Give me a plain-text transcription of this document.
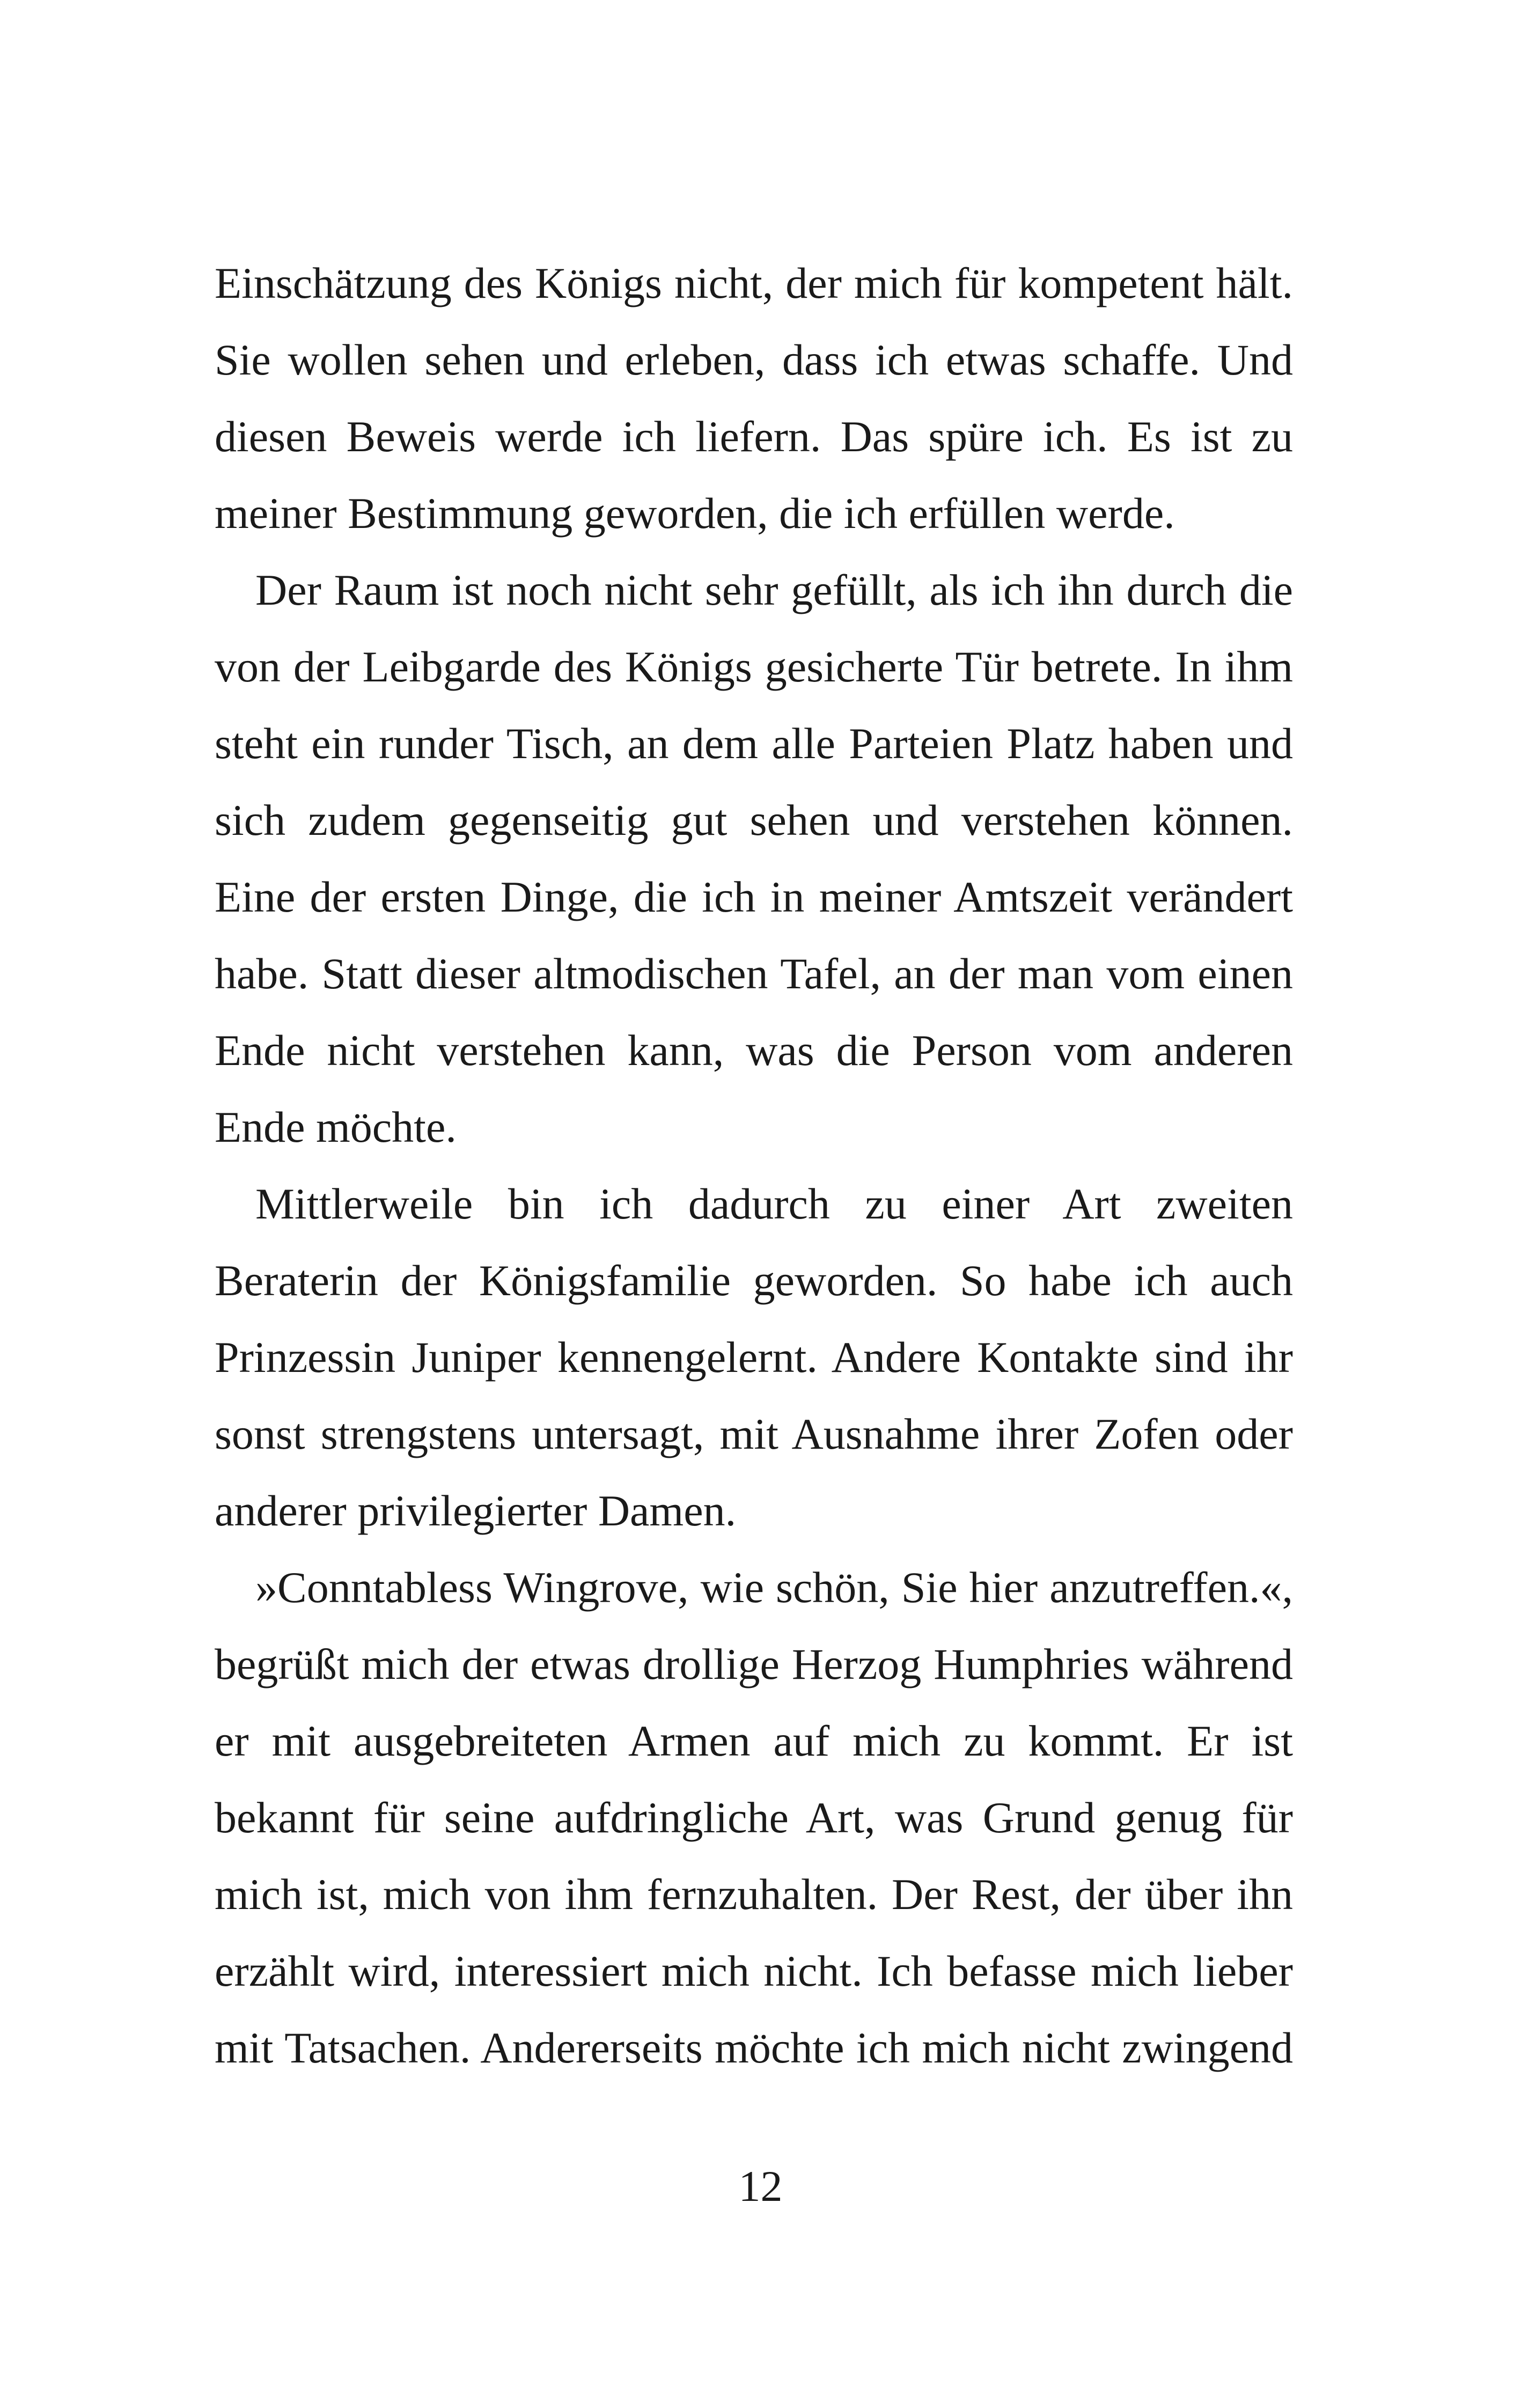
Einschätzung des Königs nicht, der mich für kompetent hält.
Sie wollen sehen und erleben, dass ich etwas schaffe. Und
diesen Beweis werde ich liefern. Das spüre ich. Es ist zu
meiner Bestimmung geworden, die ich erfüllen werde.
Der Raum ist noch nicht sehr gefüllt, als ich ihn durch die
von der Leibgarde des Königs gesicherte Tür betrete. In ihm
steht ein runder Tisch, an dem alle Parteien Platz haben und
sich zudem gegenseitig gut sehen und verstehen können.
Eine der ersten Dinge, die ich in meiner Amtszeit verändert
habe. Statt dieser altmodischen Tafel, an der man vom einen
Ende nicht verstehen kann, was die Person vom anderen
Ende möchte.
Mittlerweile bin ich dadurch zu einer Art zweiten
Beraterin der Königsfamilie geworden. So habe ich auch
Prinzessin Juniper kennengelernt. Andere Kontakte sind ihr
sonst strengstens untersagt, mit Ausnahme ihrer Zofen oder
anderer privilegierter Damen.
»Conntabless Wingrove, wie schön, Sie hier anzutreffen.«,
begrüßt mich der etwas drollige Herzog Humphries während
er mit ausgebreiteten Armen auf mich zu kommt. Er ist
bekannt für seine aufdringliche Art, was Grund genug für
mich ist, mich von ihm fernzuhalten. Der Rest, der über ihn
erzählt wird, interessiert mich nicht. Ich befasse mich lieber
mit Tatsachen. Andererseits möchte ich mich nicht zwingend
12
